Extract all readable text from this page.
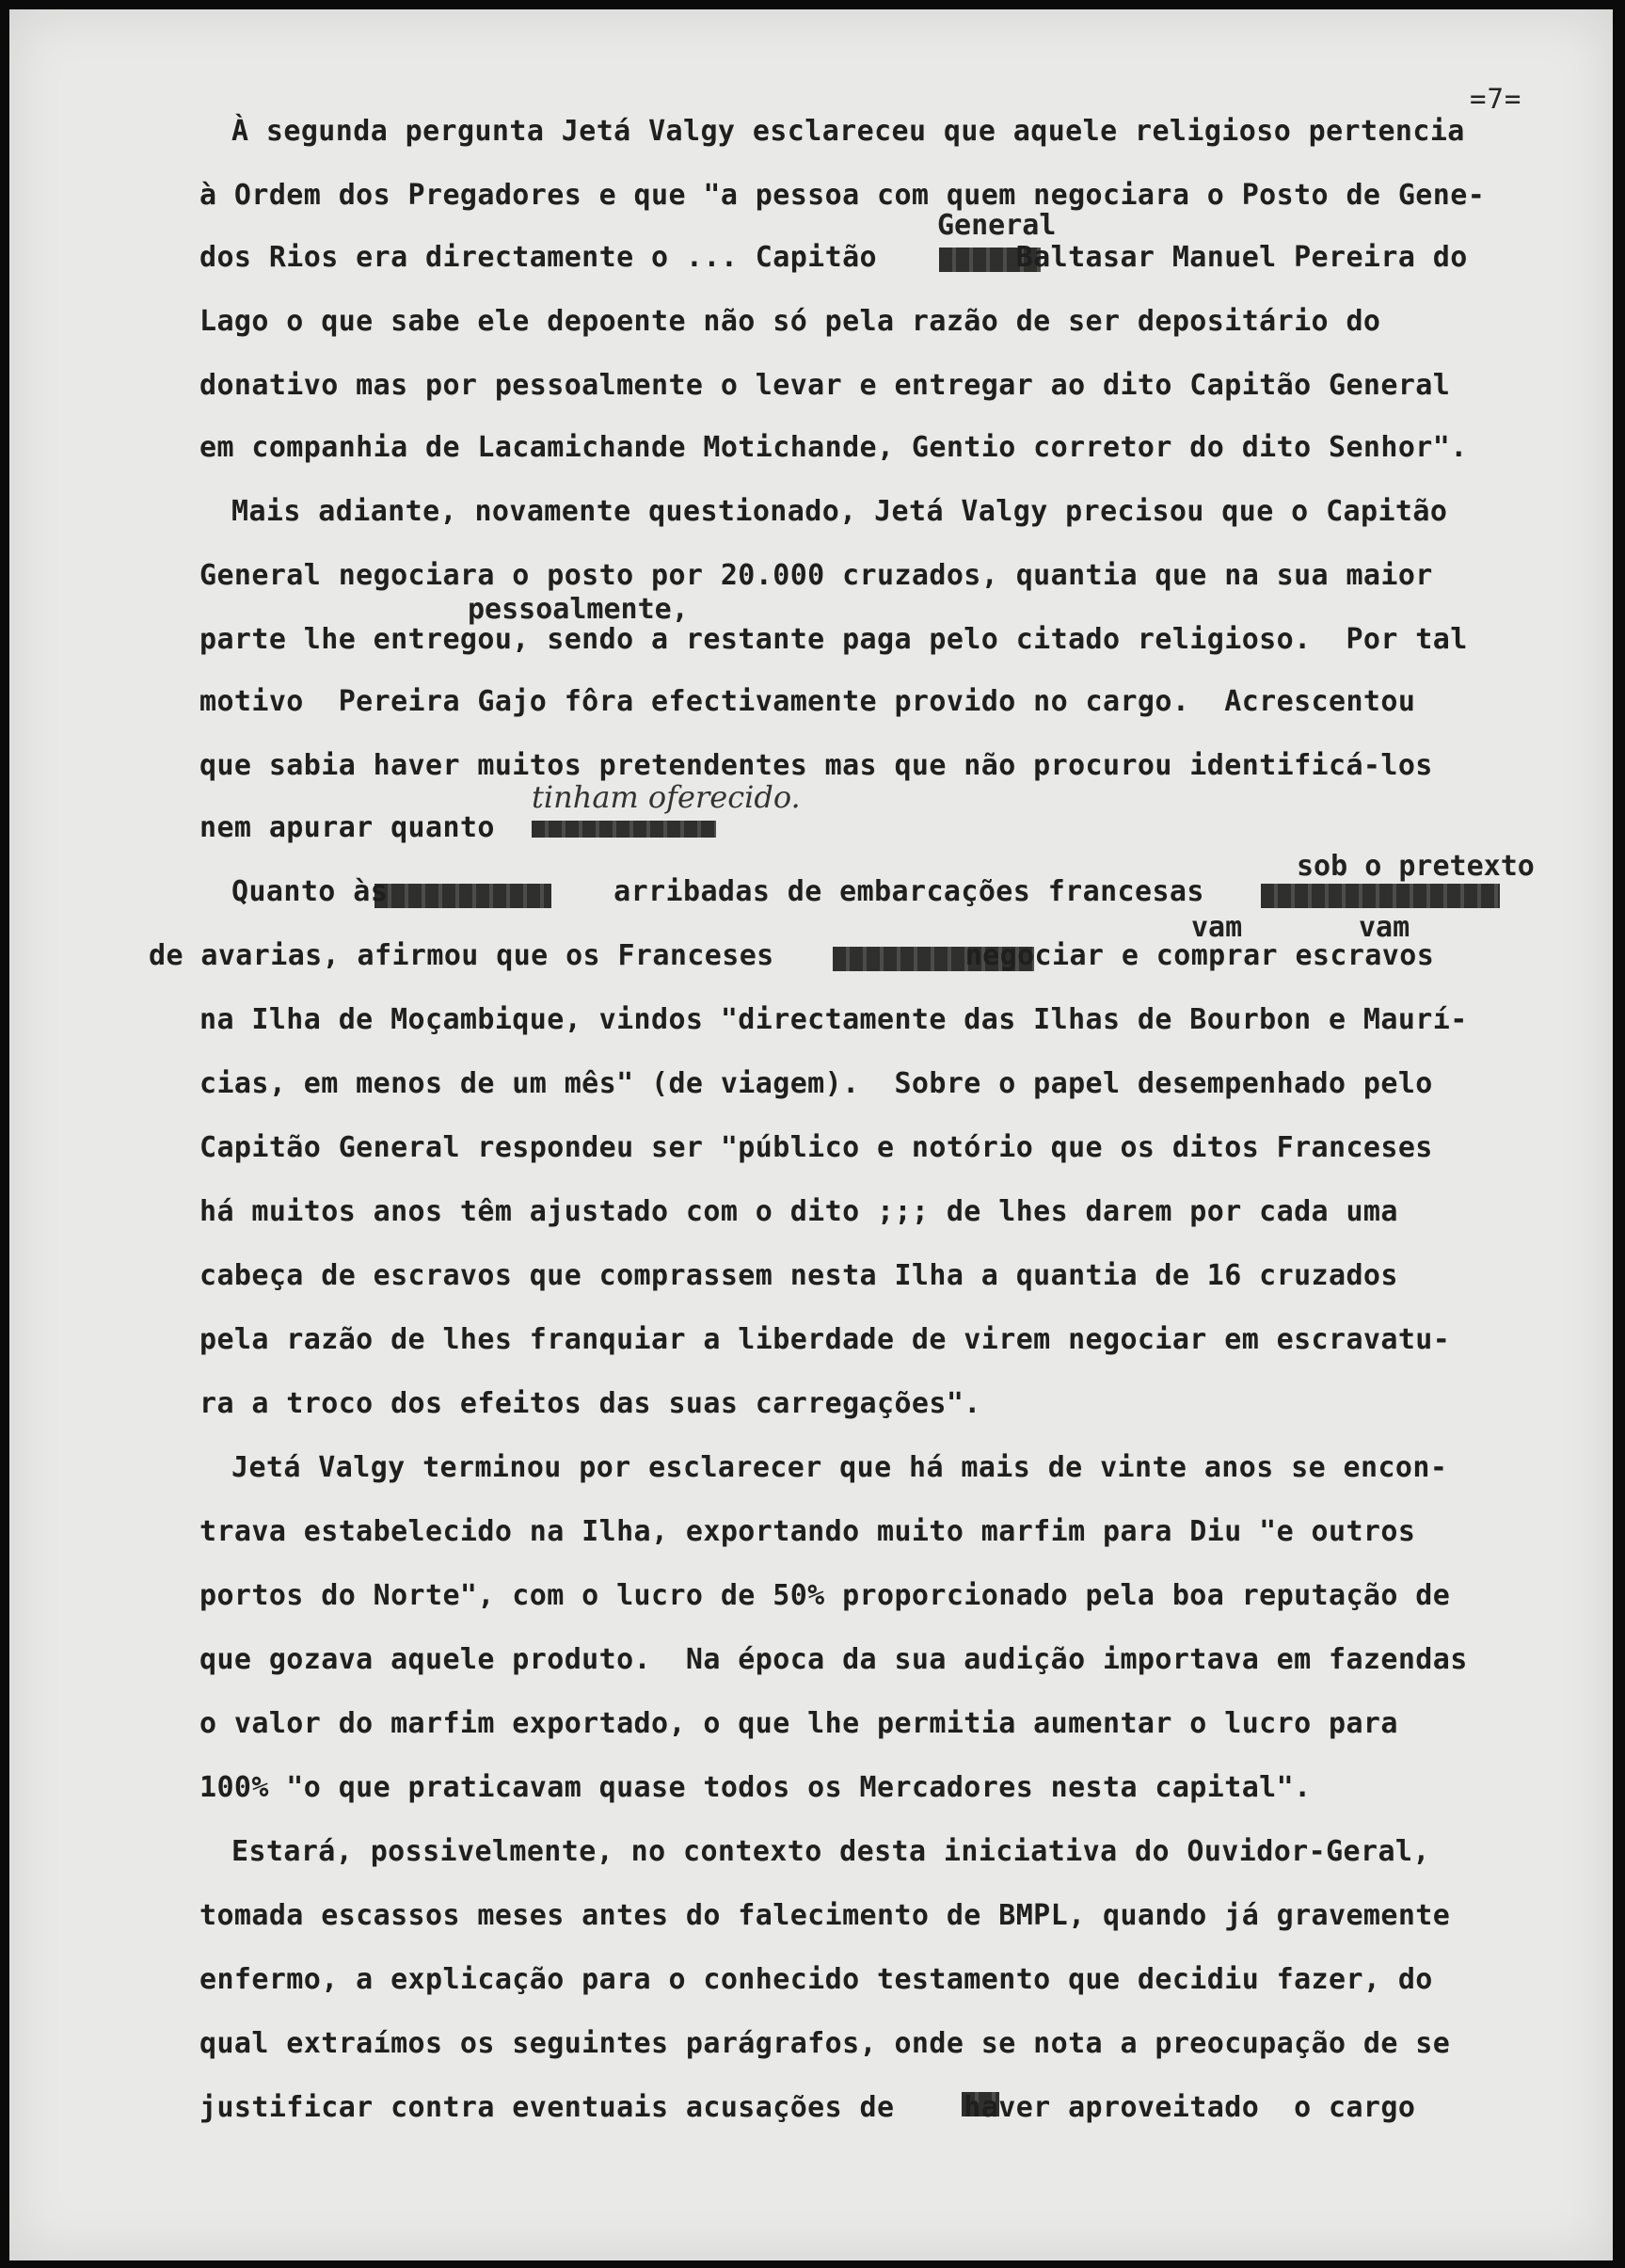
=7=
General
pessoalmente,
sob o pretexto
vam	vam
tinham oferecido.
À segunda pergunta Jetá Valgy esclareceu que aquele religioso pertencia
à Ordem dos Pregadores e que "a pessoa com quem negociara o Posto de Gene-
dos Rios era directamente o ... Capitão        Baltasar Manuel Pereira do
Lago o que sabe ele depoente não só pela razão de ser depositário do
donativo mas por pessoalmente o levar e entregar ao dito Capitão General
em companhia de Lacamichande Motichande, Gentio corretor do dito Senhor".
Mais adiante, novamente questionado, Jetá Valgy precisou que o Capitão
General negociara o posto por 20.000 cruzados, quantia que na sua maior
parte lhe entregou, sendo a restante paga pelo citado religioso.  Por tal
motivo  Pereira Gajo fôra efectivamente provido no cargo.  Acrescentou
que sabia haver muitos pretendentes mas que não procurou identificá-los
nem apurar quanto
Quanto às             arribadas de embarcações francesas
de avarias, afirmou que os Franceses           negociar e comprar escravos
na Ilha de Moçambique, vindos "directamente das Ilhas de Bourbon e Maurí-
cias, em menos de um mês" (de viagem).  Sobre o papel desempenhado pelo
Capitão General respondeu ser "público e notório que os ditos Franceses
há muitos anos têm ajustado com o dito ;;; de lhes darem por cada uma
cabeça de escravos que comprassem nesta Ilha a quantia de 16 cruzados
pela razão de lhes franquiar a liberdade de virem negociar em escravatu-
ra a troco dos efeitos das suas carregações".
Jetá Valgy terminou por esclarecer que há mais de vinte anos se encon-
trava estabelecido na Ilha, exportando muito marfim para Diu "e outros
portos do Norte", com o lucro de 50% proporcionado pela boa reputação de
que gozava aquele produto.  Na época da sua audição importava em fazendas
o valor do marfim exportado, o que lhe permitia aumentar o lucro para
100% "o que praticavam quase todos os Mercadores nesta capital".
Estará, possivelmente, no contexto desta iniciativa do Ouvidor-Geral,
tomada escassos meses antes do falecimento de BMPL, quando já gravemente
enfermo, a explicação para o conhecido testamento que decidiu fazer, do
qual extraímos os seguintes parágrafos, onde se nota a preocupação de se
justificar contra eventuais acusações de    haver aproveitado  o cargo
